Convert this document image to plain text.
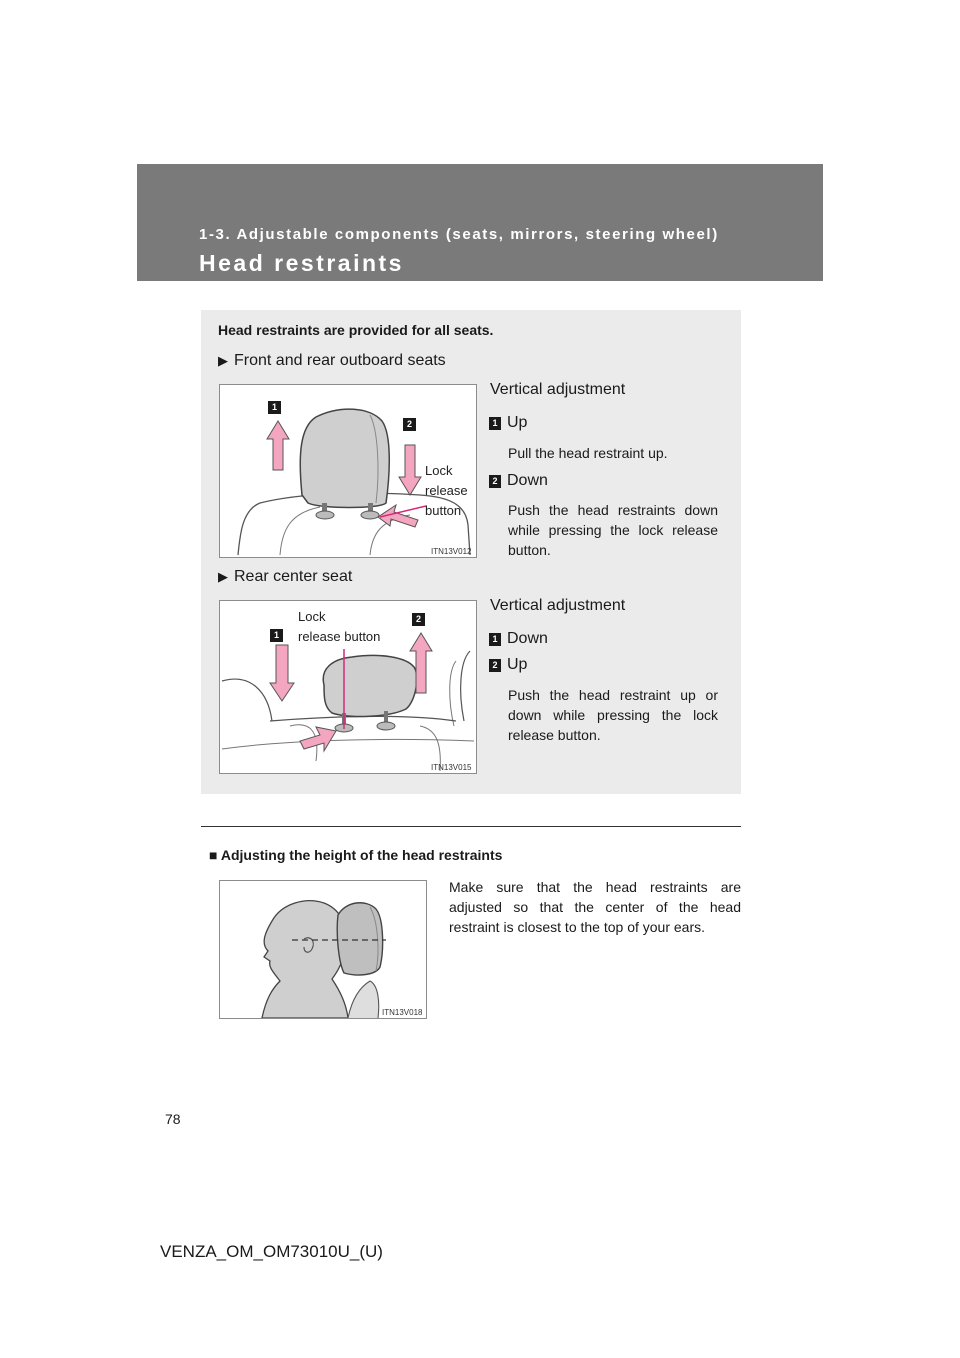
1-3. Adjustable components (seats, mirrors, steering wheel)
Head restraints
Head restraints are provided for all seats.
▶ Front and rear outboard seats
1
2
Lock
release
button
ITN13V012
Vertical adjustment
1 Up
Pull the head restraint up.
2 Down
Push the head restraints down while pressing the lock release button.
▶ Rear center seat
1
2
Lock
release button
ITN13V015
Vertical adjustment
1 Down
2 Up
Push the head restraint up or down while pressing the lock release button.
■ Adjusting the height of the head restraints
ITN13V018
Make sure that the head restraints are adjusted so that the center of the head restraint is closest to the top of your ears.
78
VENZA_OM_OM73010U_(U)
